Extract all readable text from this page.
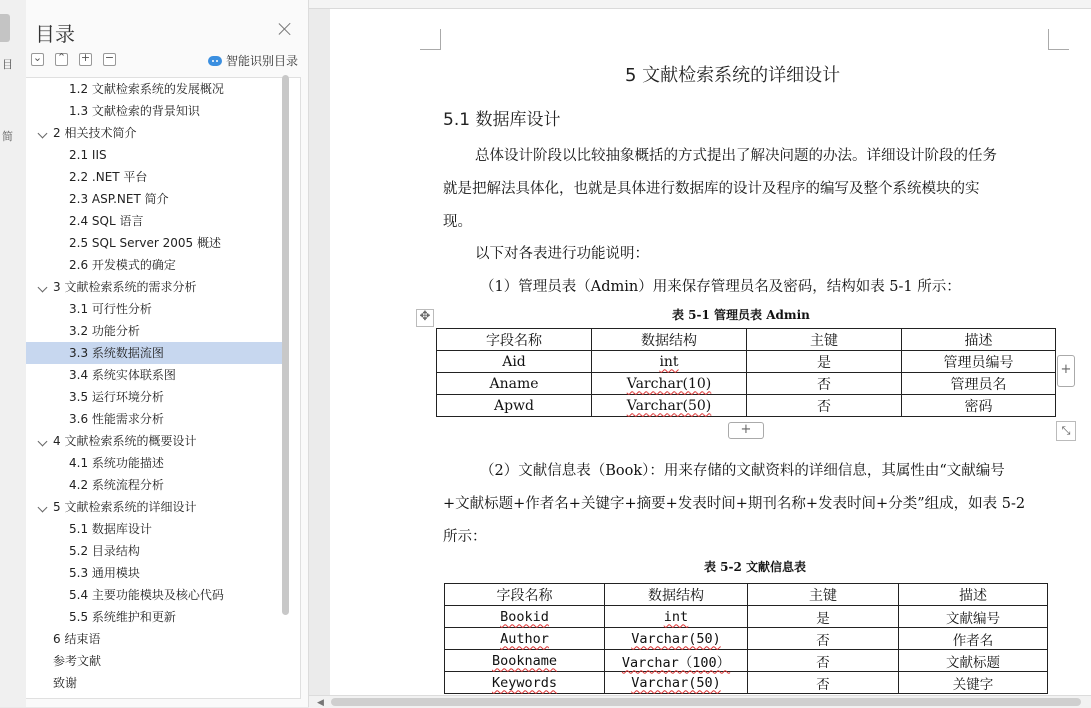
目
简
目录
⌄ ⌃ + −	智能识别目录
1.2 文献检索系统的发展概况
1.3 文献检索的背景知识
2 相关技术简介
2.1 IIS
2.2 .NET 平台
2.3 ASP.NET 简介
2.4 SQL 语言
2.5 SQL Server 2005 概述
2.6 开发模式的确定
3 文献检索系统的需求分析
3.1 可行性分析
3.2 功能分析
3.3 系统数据流图
3.4 系统实体联系图
3.5 运行环境分析
3.6 性能需求分析
4 文献检索系统的概要设计
4.1 系统功能描述
4.2 系统流程分析
5 文献检索系统的详细设计
5.1 数据库设计
5.2 目录结构
5.3 通用模块
5.4 主要功能模块及核心代码
5.5 系统维护和更新
6 结束语
参考文献
致谢
5 文献检索系统的详细设计
5.1 数据库设计
总体设计阶段以比较抽象概括的方式提出了解决问题的办法。详细设计阶段的任务
就是把解法具体化，也就是具体进行数据库的设计及程序的编写及整个系统模块的实
现。
以下对各表进行功能说明：
（1）管理员表（Admin）用来保存管理员名及密码，结构如表 5-1 所示：
✥	表 5-1 管理员表 Admin
字段名称	数据结构	主键	描述
Aid	int	是	管理员编号
Aname	Varchar(10)	否	管理员名
Apwd	Varchar(50)	否	密码
+
+	⤡
（2）文献信息表（Book）：用来存储的文献资料的详细信息，其属性由“文献编号
+文献标题+作者名+关键字+摘要+发表时间+期刊名称+发表时间+分类”组成，如表 5-2
所示：
表 5-2 文献信息表
字段名称	数据结构	主键	描述
Bookid	int	是	文献编号
Author	Varchar(50)	否	作者名
Bookname	Varchar（100）	否	文献标题
Keywords	Varchar(50)	否	关键字
◀
